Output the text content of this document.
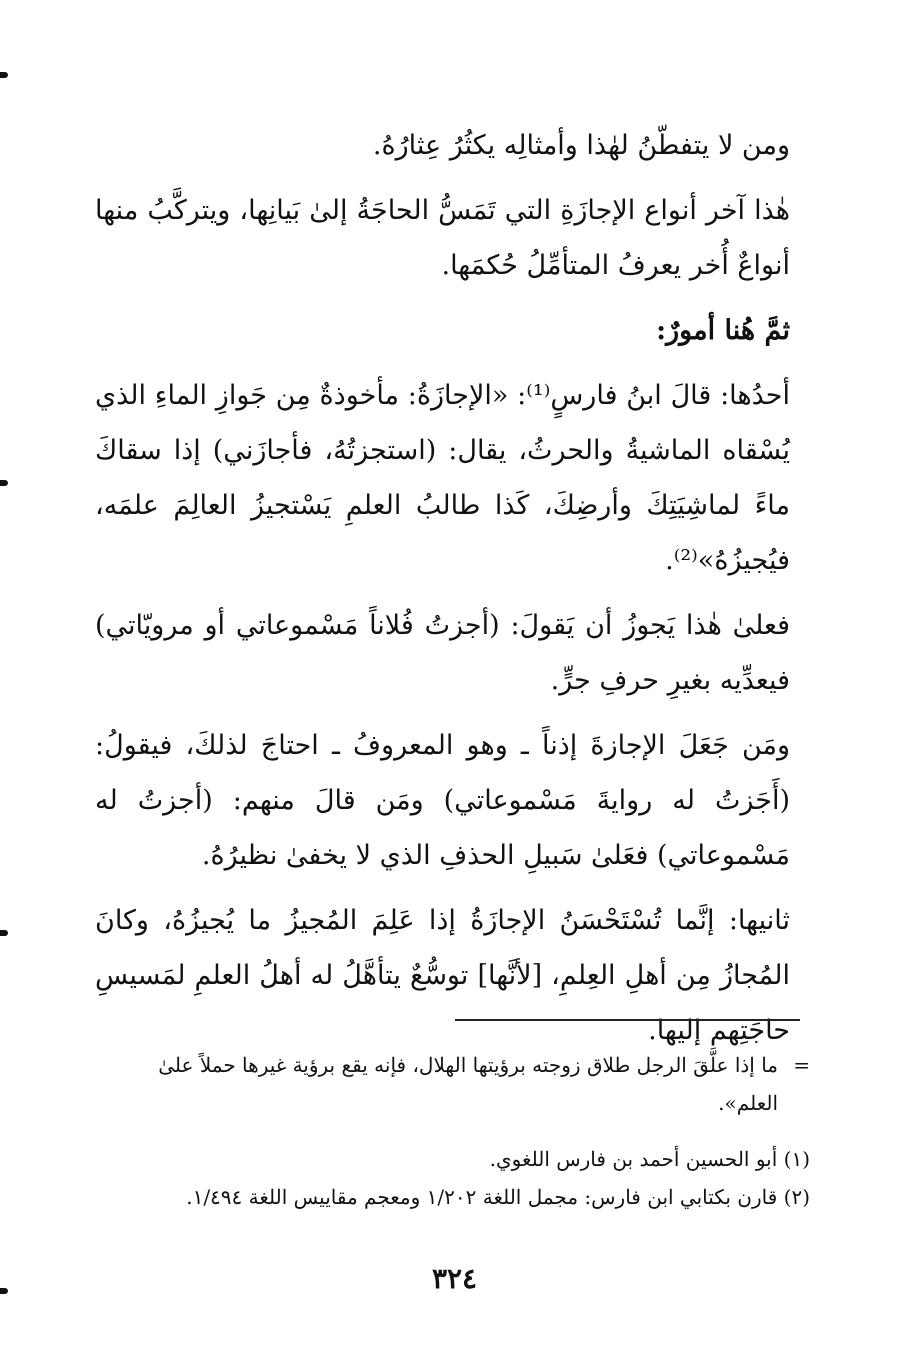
ومن لا يتفطّنُ لهٰذا وأمثالِه يكثُرُ عِثارُهُ.

هٰذا آخر أنواع الإجازَةِ التي تَمَسُّ الحاجَةُ إلىٰ بَيانِها، ويتركَّبُ منها أنواعٌ أُخر يعرفُ المتأمِّلُ حُكمَها.

ثمَّ هُنا أمورٌ:

أحدُها: قالَ ابنُ فارسٍ⁽¹⁾: «الإجازَةُ: مأخوذةٌ مِن جَوازِ الماءِ الذي يُسْقاه الماشيةُ والحرثُ، يقال: (استجزتُهُ، فأجازَني) إذا سقاكَ ماءً لماشِيَتِكَ وأرضِكَ، كَذا طالبُ العلمِ يَسْتجيزُ العالِمَ علمَه، فيُجيزُهُ»⁽²⁾.

فعلىٰ هٰذا يَجوزُ أن يَقولَ: (أجزتُ فُلاناً مَسْموعاتي أو مرويّاتي) فيعدِّيه بغيرِ حرفِ جرٍّ.

ومَن جَعَلَ الإجازةَ إذناً ـ وهو المعروفُ ـ احتاجَ لذلكَ، فيقولُ: (أَجَزتُ له روايةَ مَسْموعاتي) ومَن قالَ منهم: (أجزتُ له مَسْموعاتي) فعَلىٰ سَبيلِ الحذفِ الذي لا يخفىٰ نظيرُهُ.

ثانيها: إنَّما تُسْتَحْسَنُ الإجازَةُ إذا عَلِمَ المُجيزُ ما يُجيزُهُ، وكانَ المُجازُ مِن أهلِ العِلمِ، [لأنَّها] توسُّعٌ يتأهَّلُ له أهلُ العلمِ لمَسيسِ حاجَتِهم إليها.

=
ما إذا علَّقَ الرجل طلاق زوجته برؤيتها الهلال، فإنه يقع برؤية غيرها حملاً علىٰ العلم».

(١) أبو الحسين أحمد بن فارس اللغوي.

(٢) قارن بكتابي ابن فارس: مجمل اللغة ١/٢٠٢ ومعجم مقاييس اللغة ١/٤٩٤.

٣٢٤
